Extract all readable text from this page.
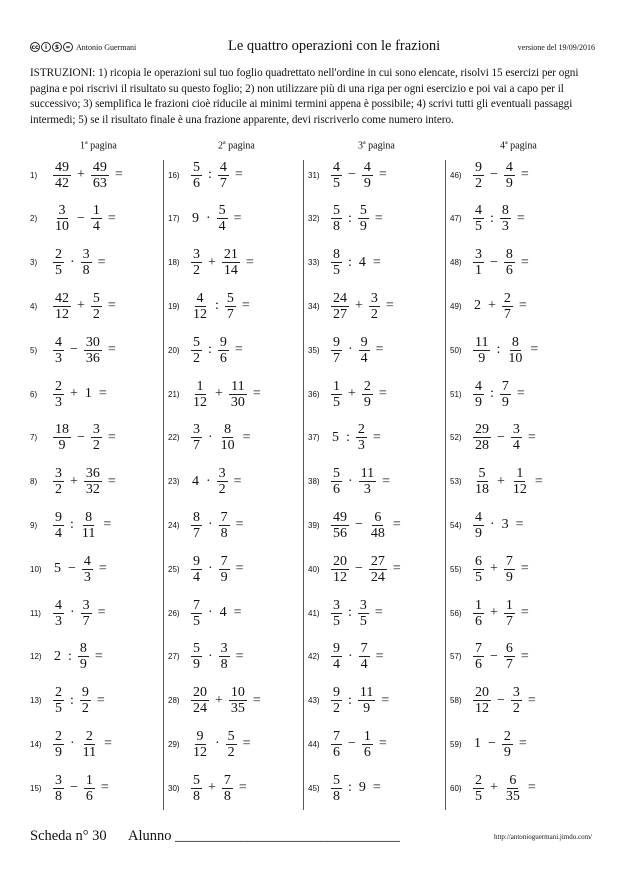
cc	i	$	= Antonio Guermani	Le quattro operazioni con le frazioni	versione del 19/09/2016
ISTRUZIONI: 1) ricopia le operazioni sul tuo foglio quadrettato nell'ordine in cui sono elencate, risolvi 15 esercizi per ogni pagina e poi riscrivi il risultato su questo foglio; 2) non utilizzare più di una riga per ogni esercizio e poi vai a capo per il successivo; 3) semplifica le frazioni cioè riducile ai minimi termini appena è possibile; 4) scrivi tutti gli eventuali passaggi intermedi; 5) se il risultato finale è una frazione apparente, devi riscriverlo come numero intero.
1$^a$ pagina	2$^a$ pagina	3$^a$ pagina	4$^a$ pagina
1)	$\frac{49}{42} + \frac{49}{63}$ =
2)	$\frac{3}{10} - \frac{1}{4}$ =
3)	$\frac{2}{5} \cdot \frac{3}{8}$ =
4)	$\frac{42}{12} + \frac{5}{2}$ =
5)	$\frac{4}{3} - \frac{30}{36}$ =
6)	$\frac{2}{3} + 1$ =
7)	$\frac{18}{9} - \frac{3}{2}$ =
8)	$\frac{3}{2} + \frac{36}{32}$ =
9)	$\frac{9}{4}$ : $\frac{8}{11}$ =
10) $5 - \frac{4}{3}$ =
$11) \frac{4}{3} \cdot \frac{3}{7}$ =
12) 2 : $\frac{8}{9}$ =
$13) \frac{2}{5}$ : $\frac{9}{2}$ =
$14) \frac{2}{9} \cdot \frac{2}{11}$ =
$15) \frac{3}{8} - \frac{1}{6}$ =
$16) \frac{5}{6}$ : $\frac{4}{7}$ =
17) $9 \cdot \frac{5}{4}$ =
$18) \frac{3}{2} + \frac{21}{14}$ =
$19) \frac{4}{12}$ : $\frac{5}{7}$ =
$20) \frac{5}{2}$ : $\frac{9}{6}$ =
$21) \frac{1}{12} + \frac{11}{30}$ =
$22) \frac{3}{7} \cdot \frac{8}{10}$ =
23) $4 \cdot \frac{3}{2}$ =
$24) \frac{8}{7} \cdot \frac{7}{8}$ =
$25) \frac{9}{4} \cdot \frac{7}{9}$ =
$26) \frac{7}{5} \cdot 4$ =
$27) \frac{5}{9} \cdot \frac{3}{8}$ =
$28) \frac{20}{24} + \frac{10}{35}$ =
$29) \frac{9}{12} \cdot \frac{5}{2}$ =
$30) \frac{5}{8} + \frac{7}{8}$ =
$31) \frac{4}{5} - \frac{4}{9}$ =
$32) \frac{5}{8}$ : $\frac{5}{9}$ =
$33) \frac{8}{5}$ : 4 =
$34) \frac{24}{27} + \frac{3}{2}$ =
$35) \frac{9}{7} \cdot \frac{9}{4}$ =
$36) \frac{1}{5} + \frac{2}{9}$ =
37) 5 : $\frac{2}{3}$ =
$38) \frac{5}{6} \cdot \frac{11}{3}$ =
$39) \frac{49}{56} - \frac{6}{48}$ =
$40) \frac{20}{12} - \frac{27}{24}$ =
$41) \frac{3}{5}$ : $\frac{3}{5}$ =
$42) \frac{9}{4} \cdot \frac{7}{4}$ =
$43) \frac{9}{2}$ : $\frac{11}{9}$ =
$44) \frac{7}{6} - \frac{1}{6}$ =
$45) \frac{5}{8}$ : 9 =
$46) \frac{9}{2} - \frac{4}{9}$ =
$47) \frac{4}{5}$ : $\frac{8}{3}$ =
$48) \frac{3}{1} - \frac{8}{6}$ =
49) $2 + \frac{2}{7}$ =
$50) \frac{11}{9}$ : $\frac{8}{10}$ =
$51) \frac{4}{9}$ : $\frac{7}{9}$ =
$52) \frac{29}{28} - \frac{3}{4}$ =
$53) \frac{5}{18} + \frac{1}{12}$ =
$54) \frac{4}{9} \cdot 3$ =
$55) \frac{6}{5} + \frac{7}{9}$ =
$56) \frac{1}{6} + \frac{1}{7}$ =
$57) \frac{7}{6} - \frac{6}{7}$ =
$58) \frac{20}{12} - \frac{3}{2}$ =
59) $1 - \frac{2}{9}$ =
$60) \frac{2}{5} + \frac{6}{35}$ =
Scheda n° 30 Alunno _______________________________	http://antonioguermani.jimdo.com/
